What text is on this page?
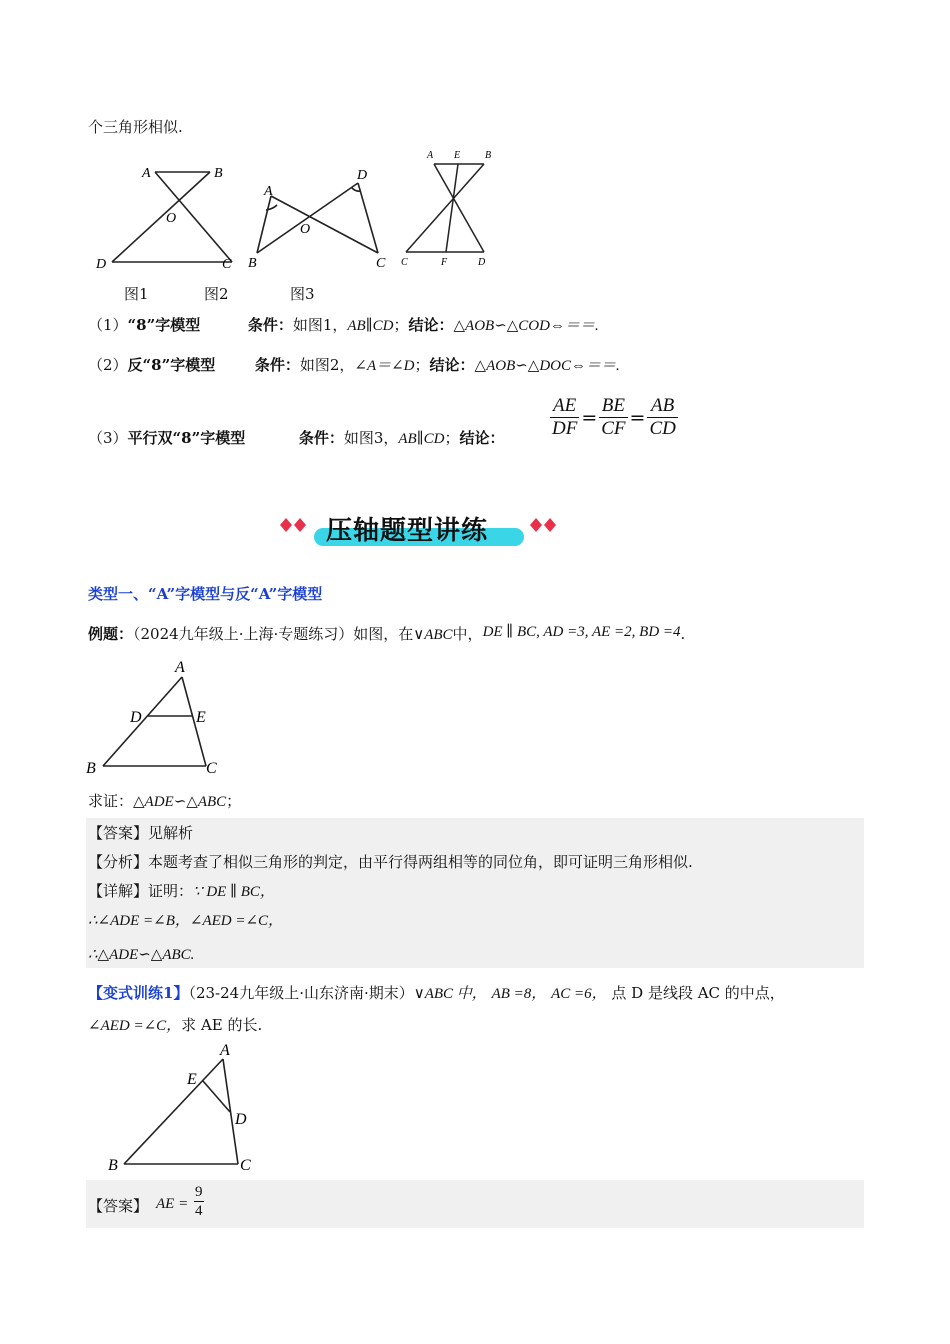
个三角形相似.
A	B
O
D	C
A
D
O
B	C
A E B
C	F	D
图1	图2	图3
（1）“8”字模型	条件：如图1，AB∥CD；结论：△AOB∽△COD⇔＝＝.
（2）反“8”字模型	条件：如图2，∠A＝∠D；结论：△AOB∽△DOC⇔＝＝.
（3）平行双“8”字模型	条件：如图3，AB∥CD；结论： $\frac{AE}{DF} = \frac{BE}{CF} = \frac{AB}{CD}$
压轴题型讲练
类型一、“A”字模型与反“A”字模型
例题：（2024九年级上·上海·专题练习）如图，在∨ABC中，DE ∥ BC, AD =3, AE =2, BD =4.
A
D	E
B	C
求证：△ADE∽△ABC；
【答案】见解析
【分析】本题考查了相似三角形的判定，由平行得两组相等的同位角，即可证明三角形相似.
【详解】证明：∵ DE ∥ BC，
∴∠ADE =∠B，∠AED =∠C，
∴△ADE∽△ABC.
【变式训练1】（23-24九年级上·山东济南·期末）∨ABC 中， AB =8， AC =6， 点 D 是线段 AC 的中点，
∠AED =∠C，求 AE 的长.
A
E
D
B	C
【答案】 AE = $\frac{9}{4}$
